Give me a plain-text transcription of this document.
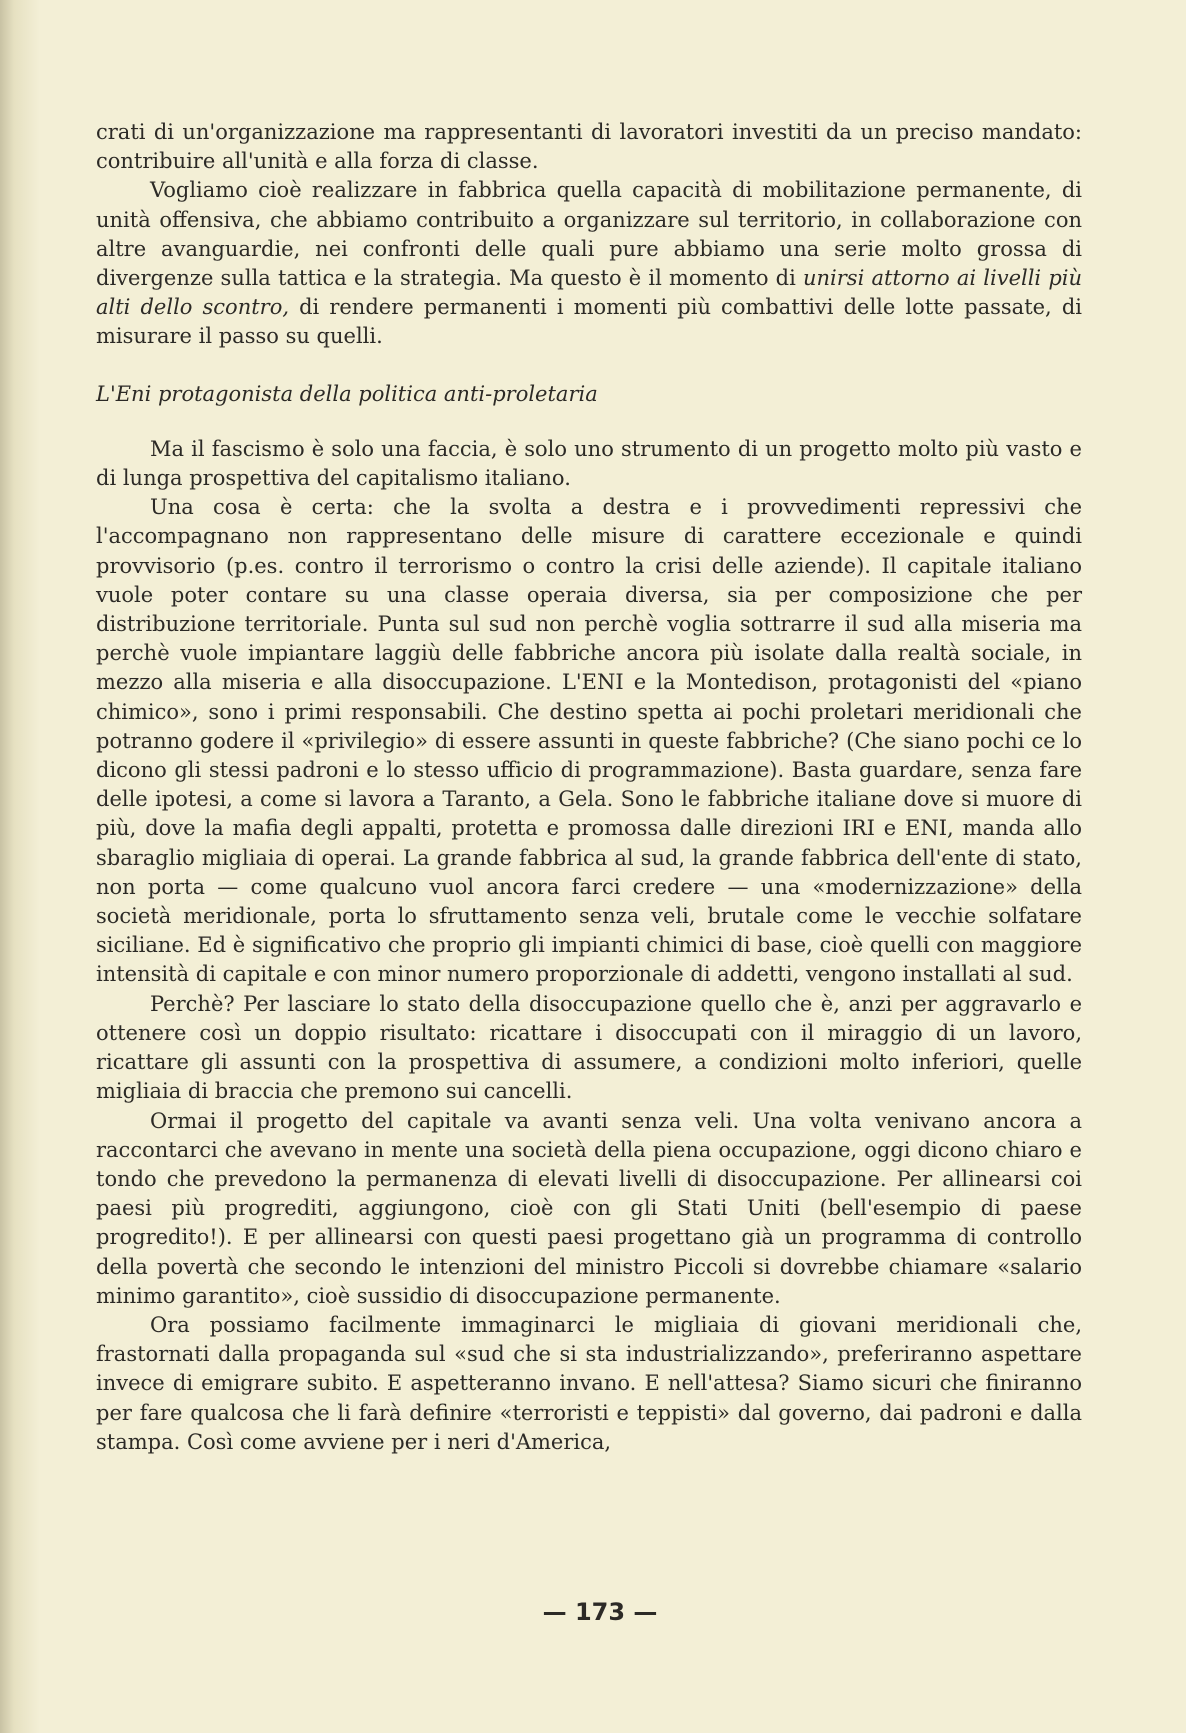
crati di un'organizzazione ma rappresentanti di lavoratori investiti da un preciso mandato: contribuire all'unità e alla forza di classe.

Vogliamo cioè realizzare in fabbrica quella capacità di mobilitazione permanente, di unità offensiva, che abbiamo contribuito a organizzare sul territorio, in collaborazione con altre avanguardie, nei confronti delle quali pure abbiamo una serie molto grossa di divergenze sulla tattica e la strategia. Ma questo è il momento di unirsi attorno ai livelli più alti dello scontro, di rendere permanenti i momenti più combattivi delle lotte passate, di misurare il passo su quelli.

L'Eni protagonista della politica anti-proletaria

Ma il fascismo è solo una faccia, è solo uno strumento di un progetto molto più vasto e di lunga prospettiva del capitalismo italiano.

Una cosa è certa: che la svolta a destra e i provvedimenti repressivi che l'accompagnano non rappresentano delle misure di carattere eccezionale e quindi provvisorio (p.es. contro il terrorismo o contro la crisi delle aziende). Il capitale italiano vuole poter contare su una classe operaia diversa, sia per composizione che per distribuzione territoriale. Punta sul sud non perchè voglia sottrarre il sud alla miseria ma perchè vuole impiantare laggiù delle fabbriche ancora più isolate dalla realtà sociale, in mezzo alla miseria e alla disoccupazione. L'ENI e la Montedison, protagonisti del «piano chimico», sono i primi responsabili. Che destino spetta ai pochi proletari meridionali che potranno godere il «privilegio» di essere assunti in queste fabbriche? (Che siano pochi ce lo dicono gli stessi padroni e lo stesso ufficio di programmazione). Basta guardare, senza fare delle ipotesi, a come si lavora a Taranto, a Gela. Sono le fabbriche italiane dove si muore di più, dove la mafia degli appalti, protetta e promossa dalle direzioni IRI e ENI, manda allo sbaraglio migliaia di operai. La grande fabbrica al sud, la grande fabbrica dell'ente di stato, non porta — come qualcuno vuol ancora farci credere — una «modernizzazione» della società meridionale, porta lo sfruttamento senza veli, brutale come le vecchie solfatare siciliane. Ed è significativo che proprio gli impianti chimici di base, cioè quelli con maggiore intensità di capitale e con minor numero proporzionale di addetti, vengono installati al sud.

Perchè? Per lasciare lo stato della disoccupazione quello che è, anzi per aggravarlo e ottenere così un doppio risultato: ricattare i disoccupati con il miraggio di un lavoro, ricattare gli assunti con la prospettiva di assumere, a condizioni molto inferiori, quelle migliaia di braccia che premono sui cancelli.

Ormai il progetto del capitale va avanti senza veli. Una volta venivano ancora a raccontarci che avevano in mente una società della piena occupazione, oggi dicono chiaro e tondo che prevedono la permanenza di elevati livelli di disoccupazione. Per allinearsi coi paesi più progrediti, aggiungono, cioè con gli Stati Uniti (bell'esempio di paese progredito!). E per allinearsi con questi paesi progettano già un programma di controllo della povertà che secondo le intenzioni del ministro Piccoli si dovrebbe chiamare «salario minimo garantito», cioè sussidio di disoccupazione permanente.

Ora possiamo facilmente immaginarci le migliaia di giovani meridionali che, frastornati dalla propaganda sul «sud che si sta industrializzando», preferiranno aspettare invece di emigrare subito. E aspetteranno invano. E nell'attesa? Siamo sicuri che finiranno per fare qualcosa che li farà definire «terroristi e teppisti» dal governo, dai padroni e dalla stampa. Così come avviene per i neri d'America,

— 173 —
